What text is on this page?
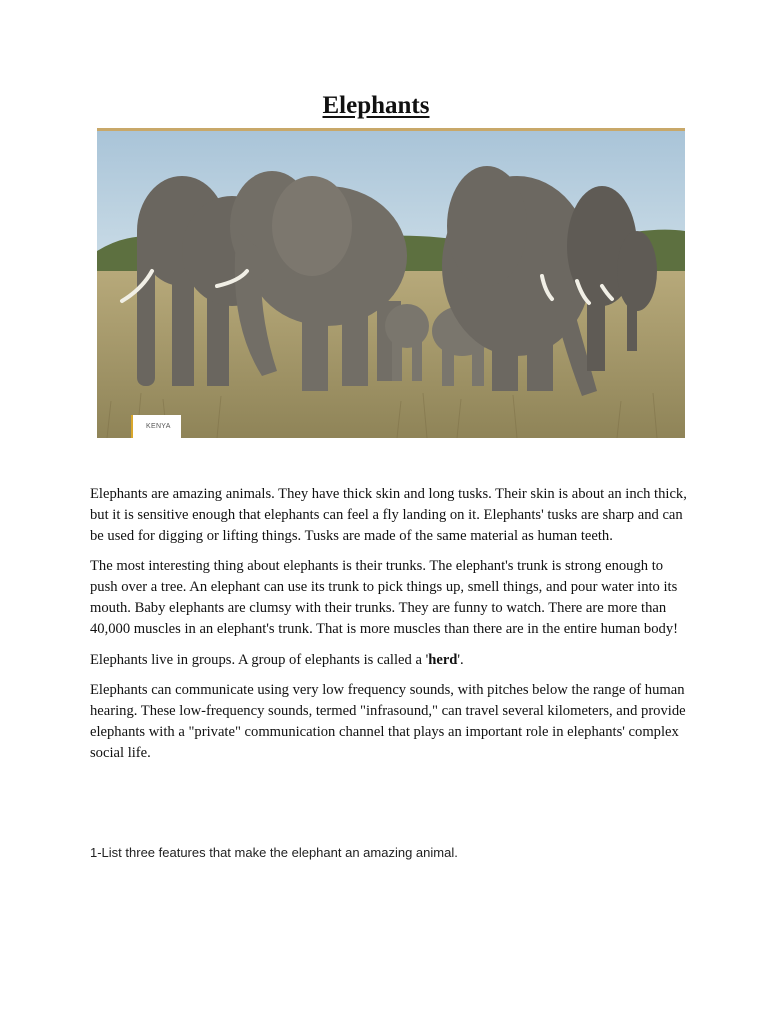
Elephants
KENYA

Elephants are amazing animals. They have thick skin and long tusks. Their skin is about an inch thick, but it is sensitive enough that elephants can feel a fly landing on it. Elephants' tusks are sharp and can be used for digging or lifting things. Tusks are made of the same material as human teeth.

The most interesting thing about elephants is their trunks. The elephant's trunk is strong enough to push over a tree. An elephant can use its trunk to pick things up, smell things, and pour water into its mouth. Baby elephants are clumsy with their trunks. They are funny to watch. There are more than 40,000 muscles in an elephant's trunk. That is more muscles than there are in the entire human body!

Elephants live in groups. A group of elephants is called a 'herd'.

Elephants can communicate using very low frequency sounds, with pitches below the range of human hearing. These low-frequency sounds, termed "infrasound," can travel several kilometers, and provide elephants with a "private" communication channel that plays an important role in elephants' complex social life.

1-List three features that make the elephant an amazing animal.
